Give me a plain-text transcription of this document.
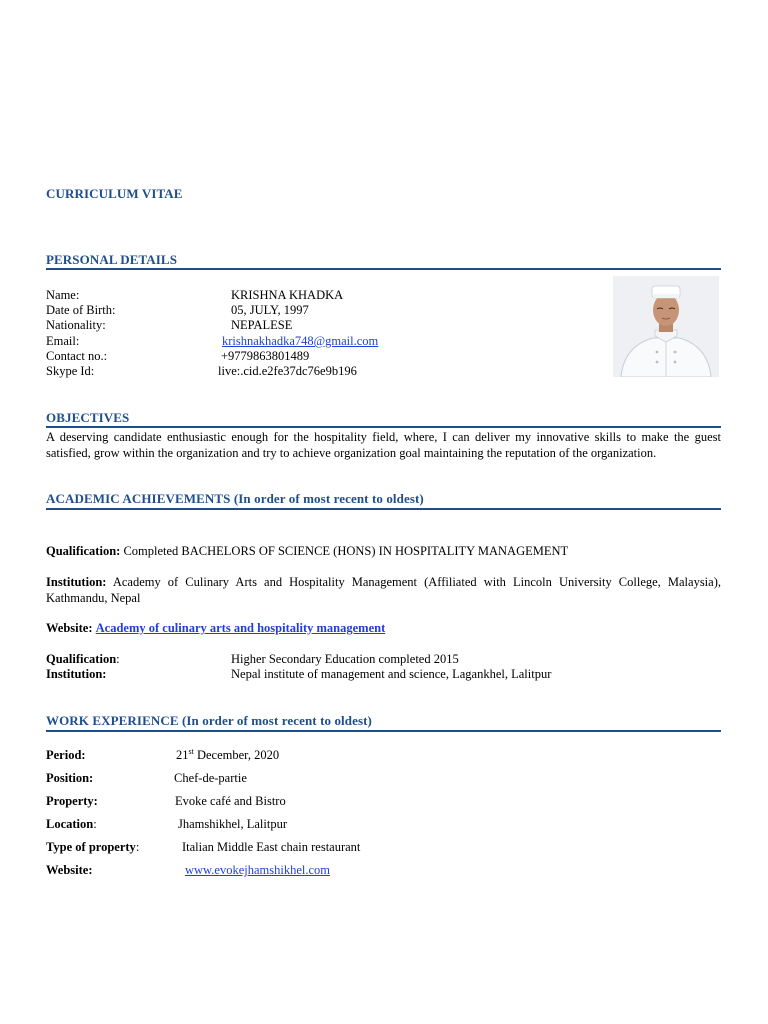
CURRICULUM VITAE
PERSONAL DETAILS
Name:	KRISHNA KHADKA
Date of Birth:	05, JULY, 1997
Nationality:	NEPALESE
Email:	krishnakhadka748@gmail.com
Contact no.:	+9779863801489
Skype Id:	live:.cid.e2fe37dc76e9b196
OBJECTIVES
A deserving candidate enthusiastic enough for the hospitality field, where, I can deliver my innovative skills to make the guest satisfied, grow within the organization and try to achieve organization goal maintaining the reputation of the organization.
ACADEMIC ACHIEVEMENTS (In order of most recent to oldest)
Qualification: Completed BACHELORS OF SCIENCE (HONS) IN HOSPITALITY MANAGEMENT
Institution: Academy of Culinary Arts and Hospitality Management (Affiliated with Lincoln University College, Malaysia), Kathmandu, Nepal
Website: Academy of culinary arts and hospitality management
Qualification:	Higher Secondary Education completed 2015
Institution:	Nepal institute of management and science, Lagankhel, Lalitpur
WORK EXPERIENCE (In order of most recent to oldest)
Period:	21st December, 2020
Position:	Chef-de-partie
Property:	Evoke café and Bistro
Location:	Jhamshikhel, Lalitpur
Type of property:	Italian Middle East chain restaurant
Website:	www.evokejhamshikhel.com
